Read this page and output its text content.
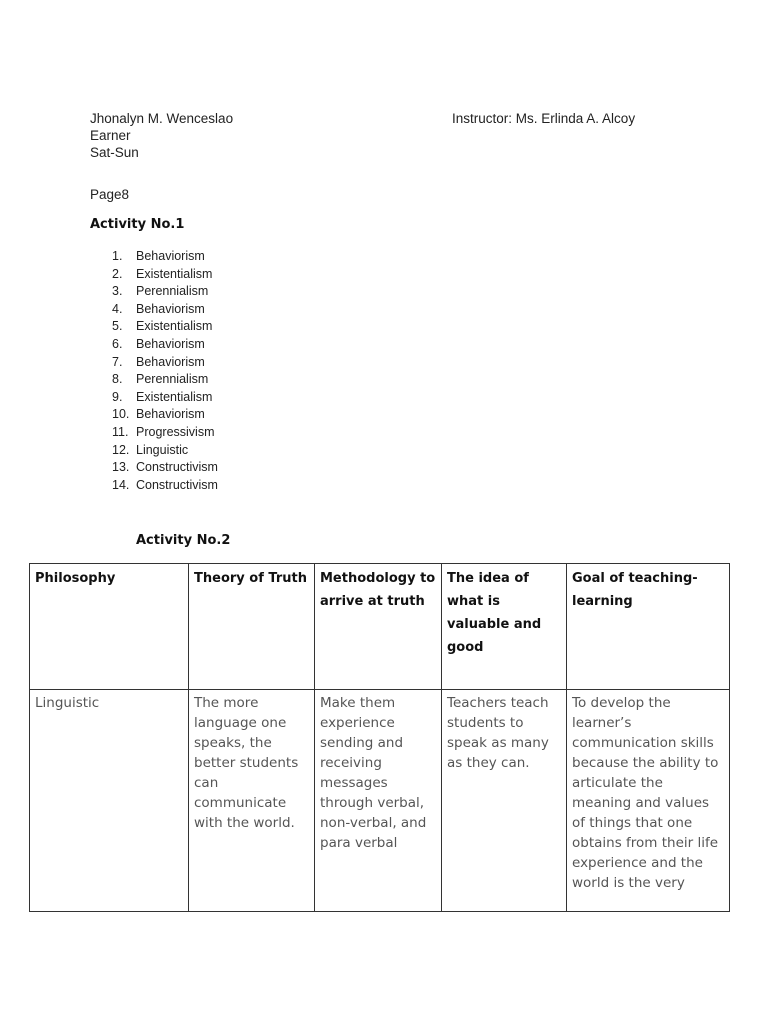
Jhonalyn M. Wenceslao
Earner
Sat-Sun
Instructor: Ms. Erlinda A. Alcoy
Page8
Activity No.1
1. Behaviorism
2. Existentialism
3. Perennialism
4. Behaviorism
5. Existentialism
6. Behaviorism
7. Behaviorism
8. Perennialism
9. Existentialism
10. Behaviorism
11. Progressivism
12. Linguistic
13. Constructivism
14. Constructivism
Activity No.2
Philosophy	Theory of Truth	Methodology to arrive at truth	The idea of what is valuable and good	Goal of teaching-learning
Linguistic	The more language one speaks, the better students can communicate with the world.	Make them experience sending and receiving messages through verbal, non-verbal, and para verbal	Teachers teach students to speak as many as they can.	To develop the learner’s communication skills because the ability to articulate the meaning and values of things that one obtains from their life experience and the world is the very
